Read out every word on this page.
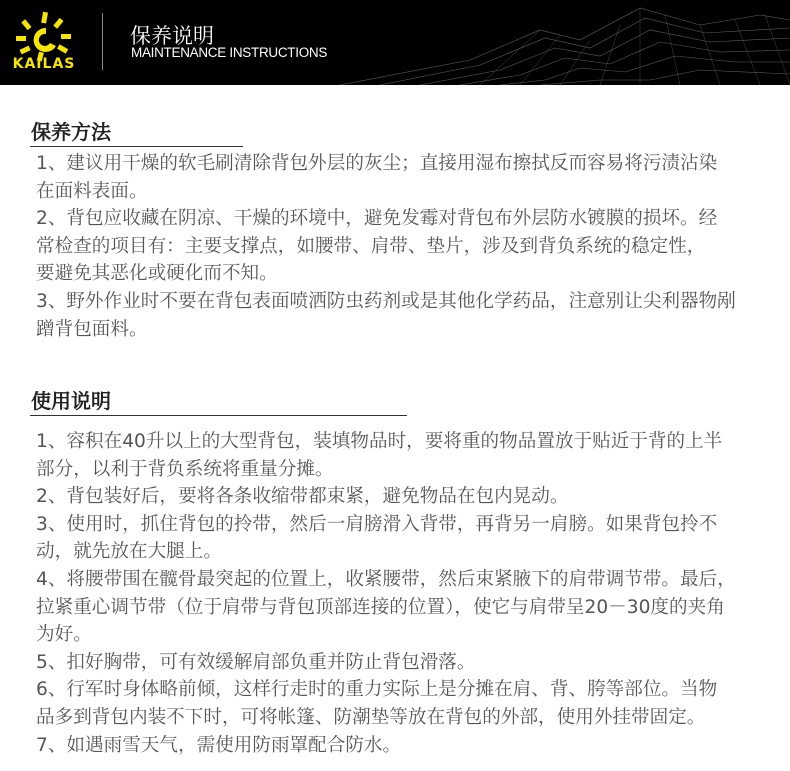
KAILAS
保养说明
MAINTENANCE INSTRUCTIONS
保养方法
1、建议用干燥的软毛刷清除背包外层的灰尘；直接用湿布擦拭反而容易将污渍沾染
在面料表面。
2、背包应收藏在阴凉、干燥的环境中，避免发霉对背包布外层防水镀膜的损坏。经
常检查的项目有：主要支撑点，如腰带、肩带、垫片，涉及到背负系统的稳定性，
要避免其恶化或硬化而不知。
3、野外作业时不要在背包表面喷洒防虫药剂或是其他化学药品，注意别让尖利器物剐
蹭背包面料。
使用说明
1、容积在40升以上的大型背包，装填物品时，要将重的物品置放于贴近于背的上半
部分，以利于背负系统将重量分摊。
2、背包装好后，要将各条收缩带都束紧，避免物品在包内晃动。
3、使用时，抓住背包的拎带，然后一肩膀滑入背带，再背另一肩膀。如果背包拎不
动，就先放在大腿上。
4、将腰带围在髋骨最突起的位置上，收紧腰带，然后束紧腋下的肩带调节带。最后，
拉紧重心调节带（位于肩带与背包顶部连接的位置），使它与肩带呈20－30度的夹角
为好。
5、扣好胸带，可有效缓解肩部负重并防止背包滑落。
6、行军时身体略前倾，这样行走时的重力实际上是分摊在肩、背、胯等部位。当物
品多到背包内装不下时，可将帐篷、防潮垫等放在背包的外部，使用外挂带固定。
7、如遇雨雪天气，需使用防雨罩配合防水。
